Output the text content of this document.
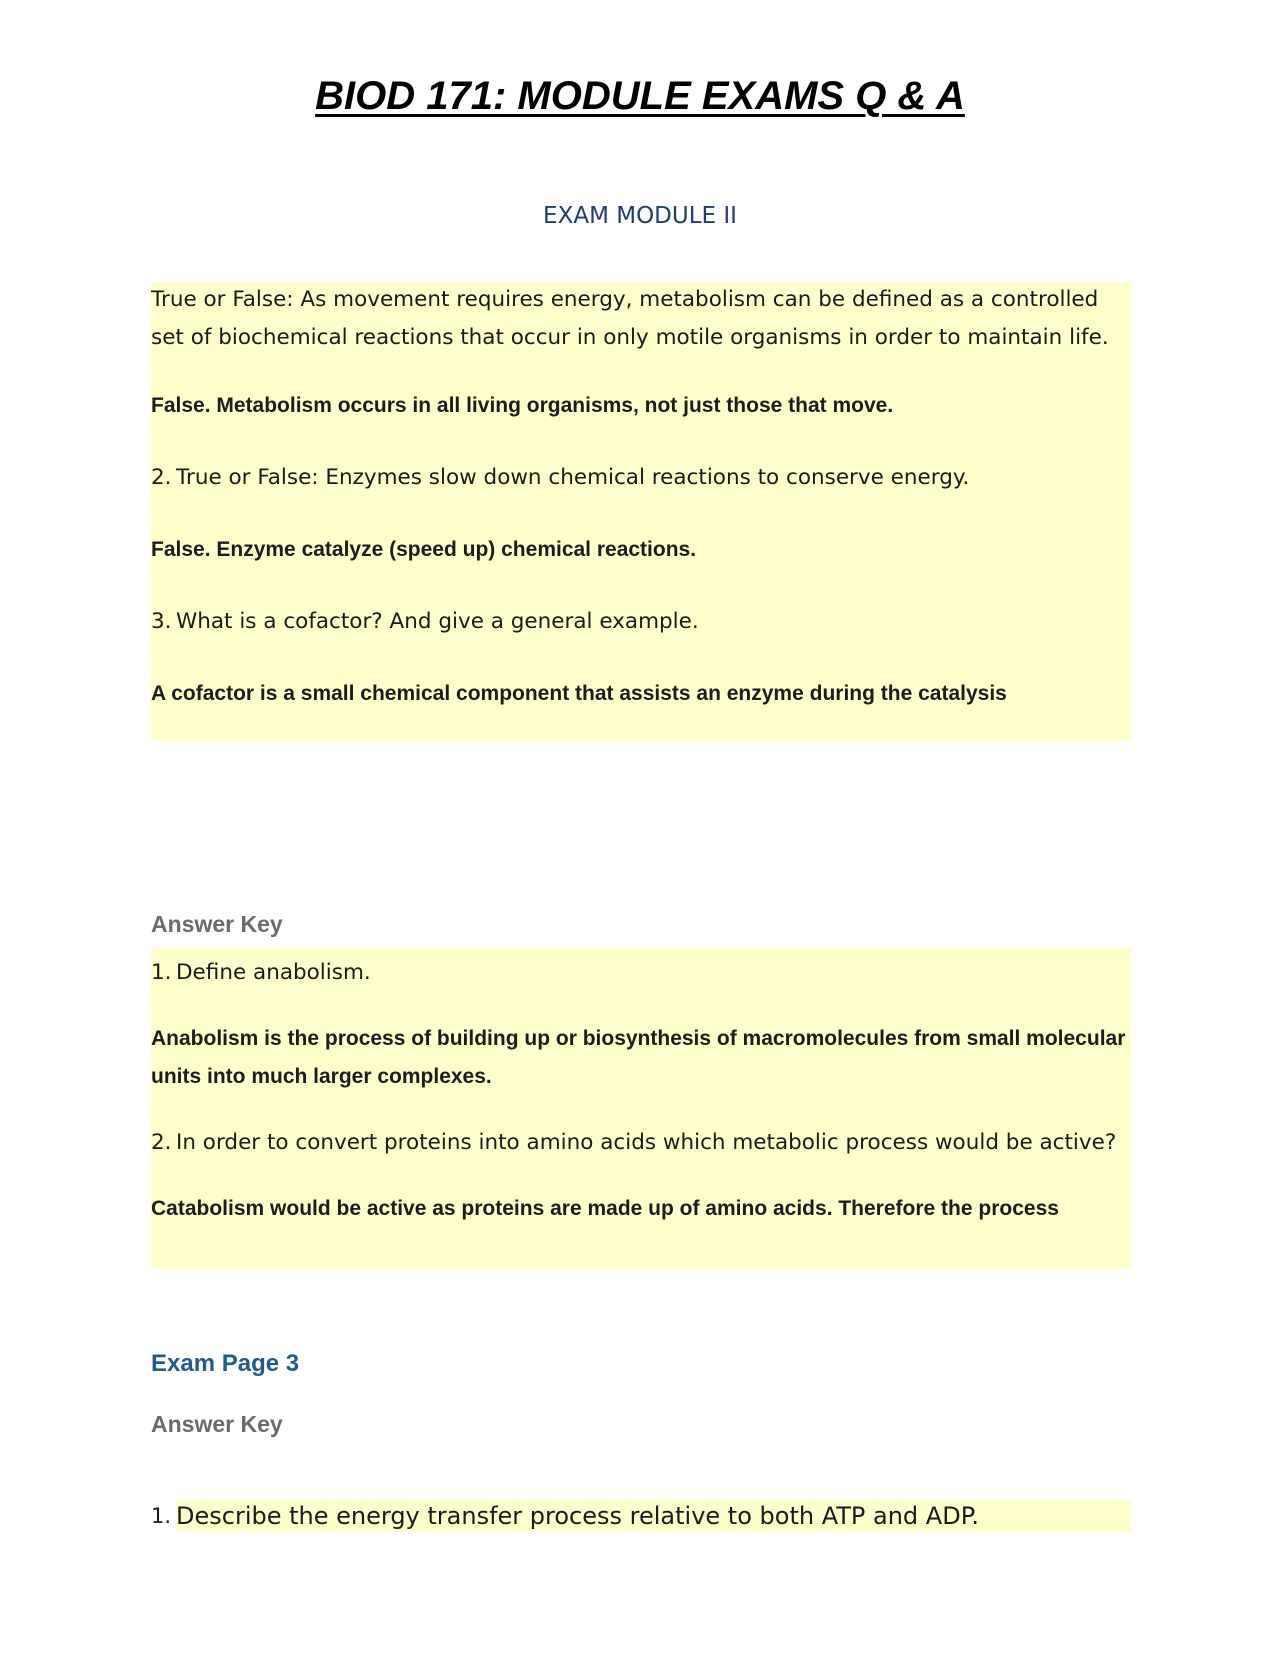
BIOD 171: MODULE EXAMS Q & A
EXAM MODULE II

True or False: As movement requires energy, metabolism can be defined as a controlled set of biochemical reactions that occur in only motile organisms in order to maintain life.

False. Metabolism occurs in all living organisms, not just those that move.

2. True or False: Enzymes slow down chemical reactions to conserve energy.

False. Enzyme catalyze (speed up) chemical reactions.

3. What is a cofactor? And give a general example.

A cofactor is a small chemical component that assists an enzyme during the catalysis

Answer Key
1. Define anabolism.

Anabolism is the process of building up or biosynthesis of macromolecules from small molecular units into much larger complexes.

2. In order to convert proteins into amino acids which metabolic process would be active?

Catabolism would be active as proteins are made up of amino acids. Therefore the process

Exam Page 3
Answer Key
1. Describe the energy transfer process relative to both ATP and ADP.
